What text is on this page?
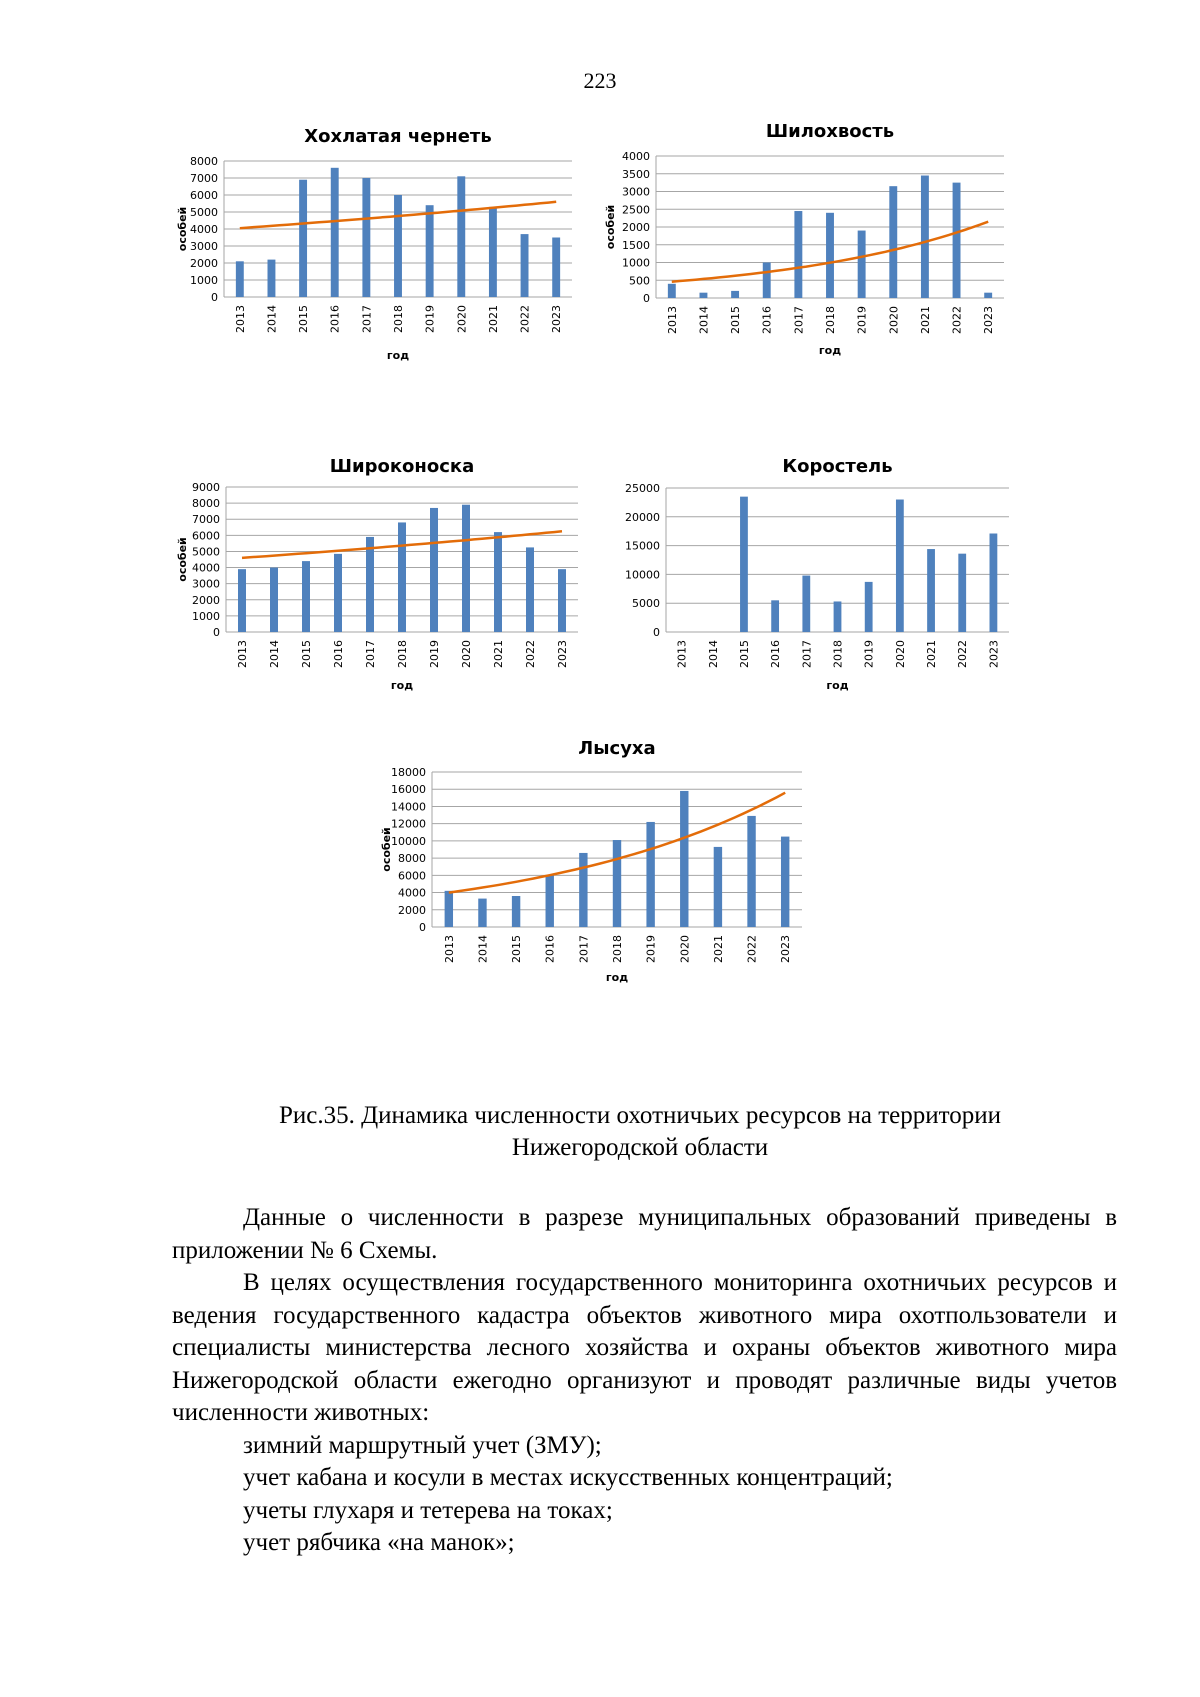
223
Хохлатая чернеть
0
1000
2000
3000
4000
5000
6000
7000
8000
2013 2014 2015 2016 2017 2018 2019 2020 2021 2022 2023
год
особей
Шилохвость
0
500
1000
1500
2000
2500
3000
3500
4000
2013 2014 2015 2016 2017 2018 2019 2020 2021 2022 2023
год
особей
Широконоска
0
1000
2000
3000
4000
5000
6000
7000
8000
9000
2013 2014 2015 2016 2017 2018 2019 2020 2021 2022 2023
год
особей
Коростель
0
5000
10000
15000
20000
25000
2013 2014 2015 2016 2017 2018 2019 2020 2021 2022 2023
год
Лысуха
0
2000
4000
6000
8000
10000
12000
14000
16000
18000
2013 2014 2015 2016 2017 2018 2019 2020 2021 2022 2023
год
особей
Рис.35. Динамика численности охотничьих ресурсов на территории
Нижегородской области

Данные о численности в разрезе муниципальных образований приведены в приложении № 6 Схемы.

В целях осуществления государственного мониторинга охотничьих ресурсов и ведения государственного кадастра объектов животного мира охотпользователи и специалисты министерства лесного хозяйства и охраны объектов животного мира Нижегородской области ежегодно организуют и проводят различные виды учетов численности животных:

зимний маршрутный учет (ЗМУ);
учет кабана и косули в местах искусственных концентраций;
учеты глухаря и тетерева на токах;
учет рябчика «на манок»;
